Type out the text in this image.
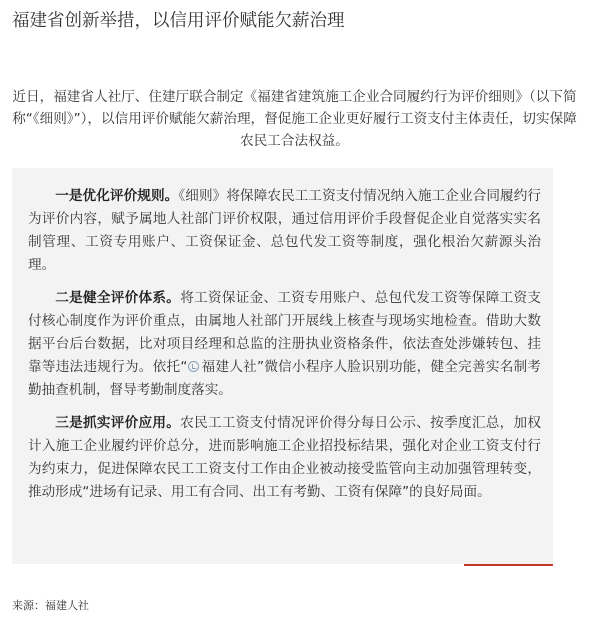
福建省创新举措，以信用评价赋能欠薪治理
近日，福建省人社厅、住建厅联合制定《福建省建筑施工企业合同履约行为评价细则》（以下简称“《细则》”），以信用评价赋能欠薪治理，督促施工企业更好履行工资支付主体责任，切实保障农民工合法权益。

一是优化评价规则。《细则》将保障农民工工资支付情况纳入施工企业合同履约行为评价内容，赋予属地人社部门评价权限，通过信用评价手段督促企业自觉落实实名制管理、工资专用账户、工资保证金、总包代发工资等制度，强化根治欠薪源头治理。

二是健全评价体系。将工资保证金、工资专用账户、总包代发工资等保障工资支付核心制度作为评价重点，由属地人社部门开展线上核查与现场实地检查。借助大数据平台后台数据，比对项目经理和总监的注册执业资格条件，依法查处涉嫌转包、挂靠等违法违规行为。依托“ 福建人社”微信小程序人脸识别功能，健全完善实名制考勤抽查机制，督导考勤制度落实。

三是抓实评价应用。农民工工资支付情况评价得分每日公示、按季度汇总，加权计入施工企业履约评价总分，进而影响施工企业招投标结果，强化对企业工资支付行为约束力，促进保障农民工工资支付工作由企业被动接受监管向主动加强管理转变，推动形成“进场有记录、用工有合同、出工有考勤、工资有保障”的良好局面。

来源：福建人社
